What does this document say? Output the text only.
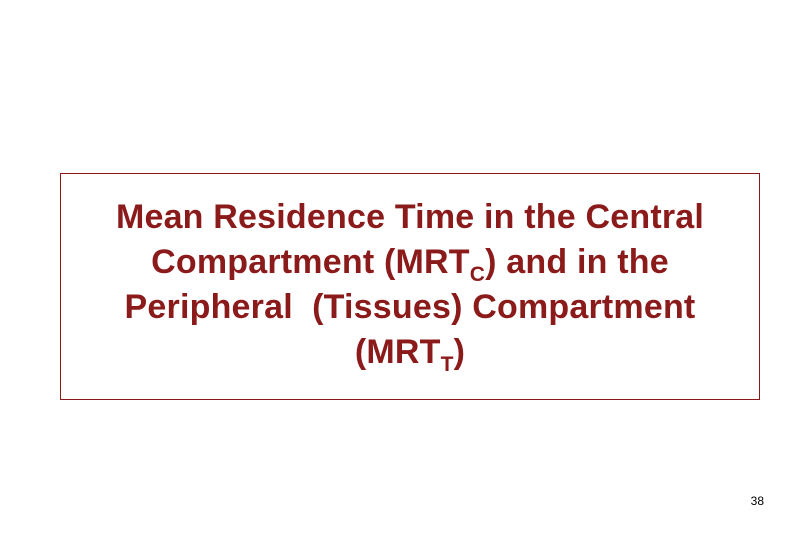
Mean Residence Time in the Central
Compartment $(MRT_C)$ and in the
Peripheral  (Tissues) Compartment
$(MRT_T)$
38
